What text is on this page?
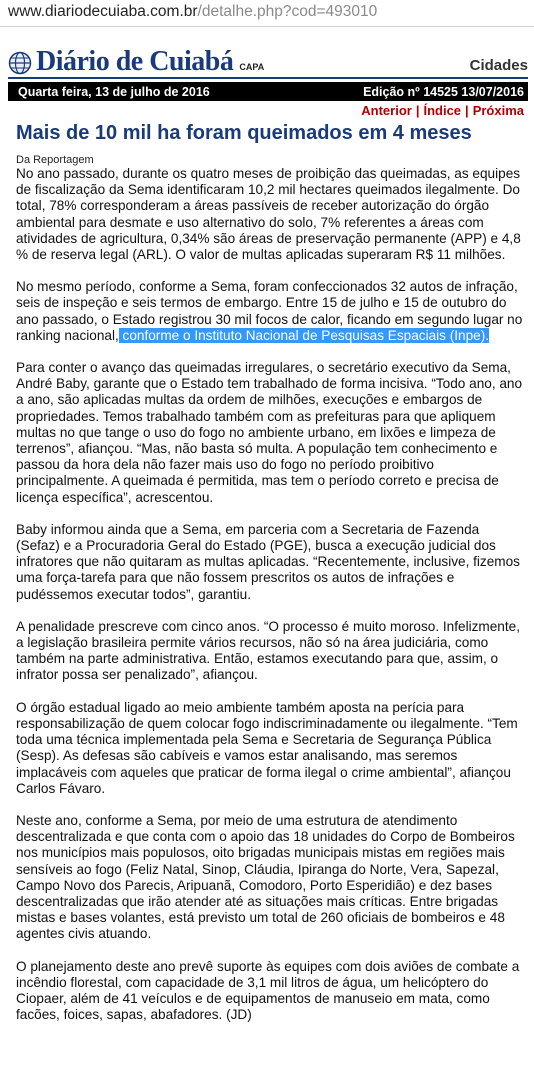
www.diariodecuiaba.com.br/detalhe.php?cod=493010
Diário de Cuiabá CAPA	Cidades
Quarta feira, 13 de julho de 2016	Edição nº 14525 13/07/2016
Anterior | Índice | Próxima
Mais de 10 mil ha foram queimados em 4 meses
Da Reportagem

No ano passado, durante os quatro meses de proibição das queimadas, as equipes de fiscalização da Sema identificaram 10,2 mil hectares queimados ilegalmente. Do total, 78% corresponderam a áreas passíveis de receber autorização do órgão ambiental para desmate e uso alternativo do solo, 7% referentes a áreas com atividades de agricultura, 0,34% são áreas de preservação permanente (APP) e 4,8 % de reserva legal (ARL). O valor de multas aplicadas superaram R$ 11 milhões.

No mesmo período, conforme a Sema, foram confeccionados 32 autos de infração, seis de inspeção e seis termos de embargo. Entre 15 de julho e 15 de outubro do ano passado, o Estado registrou 30 mil focos de calor, ficando em segundo lugar no ranking nacional, conforme o Instituto Nacional de Pesquisas Espaciais (Inpe).

Para conter o avanço das queimadas irregulares, o secretário executivo da Sema, André Baby, garante que o Estado tem trabalhado de forma incisiva. “Todo ano, ano a ano, são aplicadas multas da ordem de milhões, execuções e embargos de propriedades. Temos trabalhado também com as prefeituras para que apliquem multas no que tange o uso do fogo no ambiente urbano, em lixões e limpeza de terrenos”, afiançou. “Mas, não basta só multa. A população tem conhecimento e passou da hora dela não fazer mais uso do fogo no período proibitivo principalmente. A queimada é permitida, mas tem o período correto e precisa de licença específica”, acrescentou.

Baby informou ainda que a Sema, em parceria com a Secretaria de Fazenda (Sefaz) e a Procuradoria Geral do Estado (PGE), busca a execução judicial dos infratores que não quitaram as multas aplicadas. “Recentemente, inclusive, fizemos uma força-tarefa para que não fossem prescritos os autos de infrações e pudéssemos executar todos”, garantiu.

A penalidade prescreve com cinco anos. “O processo é muito moroso. Infelizmente, a legislação brasileira permite vários recursos, não só na área judiciária, como também na parte administrativa. Então, estamos executando para que, assim, o infrator possa ser penalizado”, afiançou.

O órgão estadual ligado ao meio ambiente também aposta na perícia para responsabilização de quem colocar fogo indiscriminadamente ou ilegalmente. “Tem toda uma técnica implementada pela Sema e Secretaria de Segurança Pública (Sesp). As defesas são cabíveis e vamos estar analisando, mas seremos implacáveis com aqueles que praticar de forma ilegal o crime ambiental”, afiançou Carlos Fávaro.

Neste ano, conforme a Sema, por meio de uma estrutura de atendimento descentralizada e que conta com o apoio das 18 unidades do Corpo de Bombeiros nos municípios mais populosos, oito brigadas municipais mistas em regiões mais sensíveis ao fogo (Feliz Natal, Sinop, Cláudia, Ipiranga do Norte, Vera, Sapezal, Campo Novo dos Parecis, Aripuanã, Comodoro, Porto Esperidião) e dez bases descentralizadas que irão atender até as situações mais críticas. Entre brigadas mistas e bases volantes, está previsto um total de 260 oficiais de bombeiros e 48 agentes civis atuando.

O planejamento deste ano prevê suporte às equipes com dois aviões de combate a incêndio florestal, com capacidade de 3,1 mil litros de água, um helicóptero do Ciopaer, além de 41 veículos e de equipamentos de manuseio em mata, como facões, foices, sapas, abafadores. (JD)
